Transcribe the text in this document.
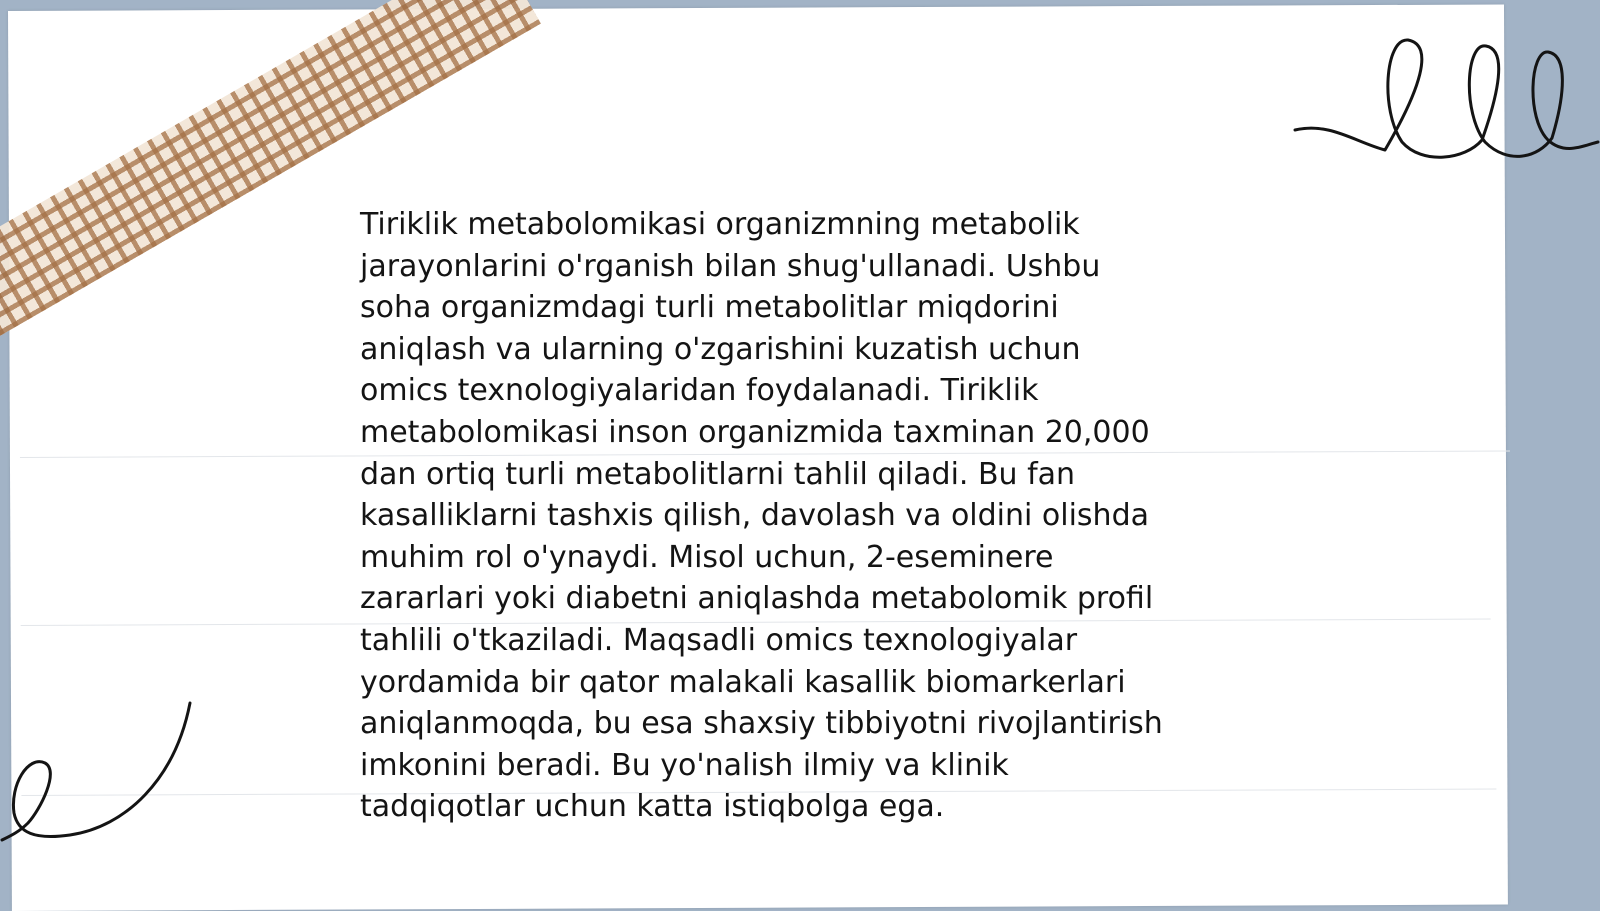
Tiriklik metabolomikasi organizmning metabolik
jarayonlarini o'rganish bilan shug'ullanadi. Ushbu
soha organizmdagi turli metabolitlar miqdorini
aniqlash va ularning o'zgarishini kuzatish uchun
omics texnologiyalaridan foydalanadi. Tiriklik
metabolomikasi inson organizmida taxminan 20,000
dan ortiq turli metabolitlarni tahlil qiladi. Bu fan
kasalliklarni tashxis qilish, davolash va oldini olishda
muhim rol o'ynaydi. Misol uchun, 2-eseminere
zararlari yoki diabetni aniqlashda metabolomik profil
tahlili o'tkaziladi. Maqsadli omics texnologiyalar
yordamida bir qator malakali kasallik biomarkerlari
aniqlanmoqda, bu esa shaxsiy tibbiyotni rivojlantirish
imkonini beradi. Bu yo'nalish ilmiy va klinik
tadqiqotlar uchun katta istiqbolga ega.
